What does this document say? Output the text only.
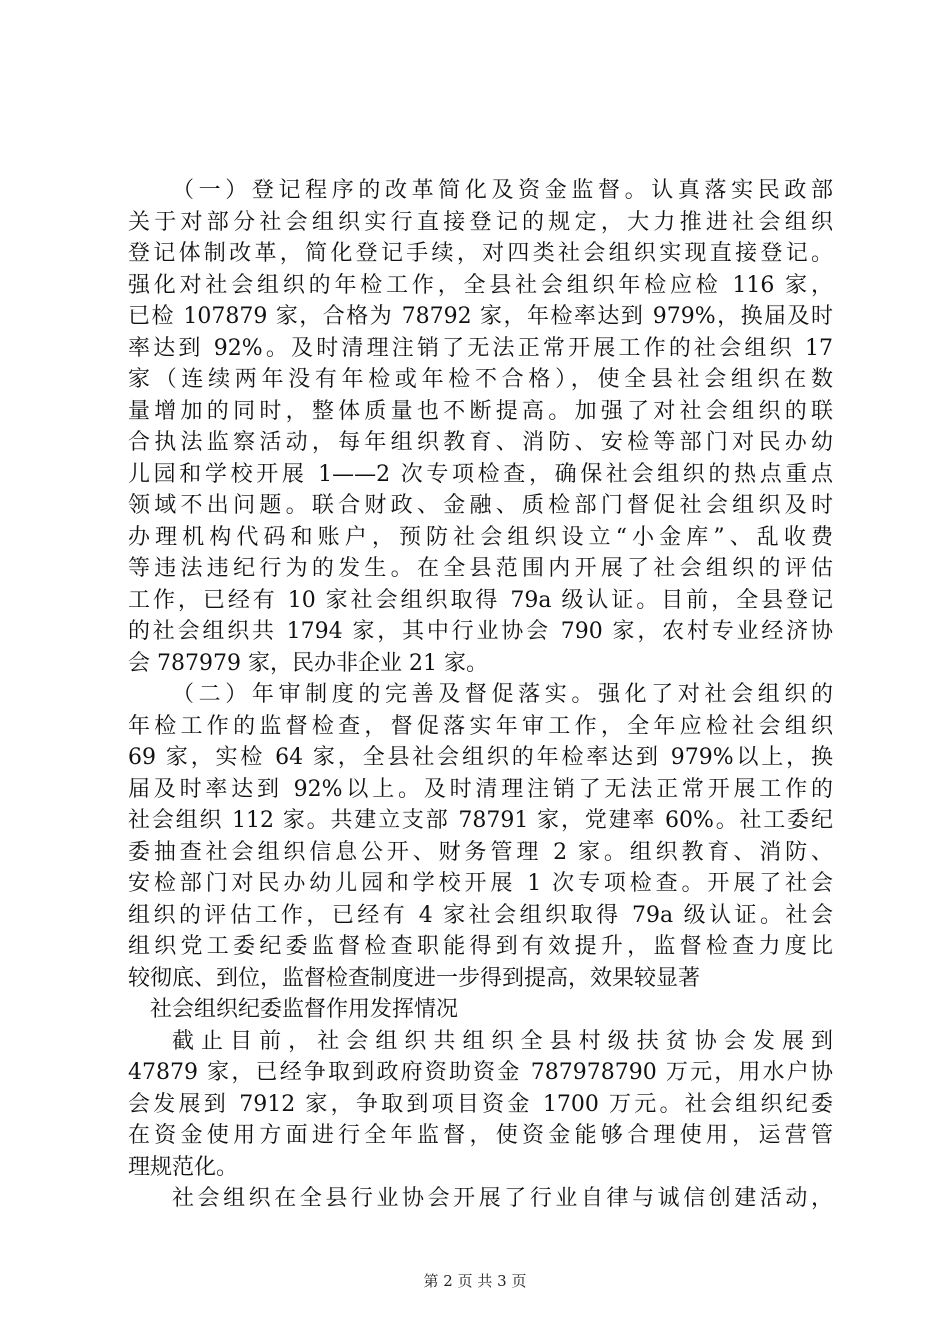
（一）登记程序的改革简化及资金监督。认真落实民政部
关于对部分社会组织实行直接登记的规定，大力推进社会组织
登记体制改革，简化登记手续，对四类社会组织实现直接登记。
强化对社会组织的年检工作，全县社会组织年检应检 116 家，
已检 107879 家，合格为 78792 家，年检率达到 979%，换届及时
率达到 92%。及时清理注销了无法正常开展工作的社会组织 17
家（连续两年没有年检或年检不合格），使全县社会组织在数
量增加的同时，整体质量也不断提高。加强了对社会组织的联
合执法监察活动，每年组织教育、消防、安检等部门对民办幼
儿园和学校开展 1——2 次专项检查，确保社会组织的热点重点
领域不出问题。联合财政、金融、质检部门督促社会组织及时
办理机构代码和账户，预防社会组织设立“小金库”、乱收费
等违法违纪行为的发生。在全县范围内开展了社会组织的评估
工作，已经有 10 家社会组织取得 79a 级认证。目前，全县登记
的社会组织共 1794 家，其中行业协会 790 家，农村专业经济协
会 787979 家，民办非企业 21 家。
（二）年审制度的完善及督促落实。强化了对社会组织的
年检工作的监督检查，督促落实年审工作，全年应检社会组织
69 家，实检 64 家，全县社会组织的年检率达到 979%以上，换
届及时率达到 92%以上。及时清理注销了无法正常开展工作的
社会组织 112 家。共建立支部 78791 家，党建率 60%。社工委纪
委抽查社会组织信息公开、财务管理 2 家。组织教育、消防、
安检部门对民办幼儿园和学校开展 1 次专项检查。开展了社会
组织的评估工作，已经有 4 家社会组织取得 79a 级认证。社会
组织党工委纪委监督检查职能得到有效提升，监督检查力度比
较彻底、到位，监督检查制度进一步得到提高，效果较显著
社会组织纪委监督作用发挥情况
截止目前，社会组织共组织全县村级扶贫协会发展到
47879 家，已经争取到政府资助资金 787978790 万元，用水户协
会发展到 7912 家，争取到项目资金 1700 万元。社会组织纪委
在资金使用方面进行全年监督，使资金能够合理使用，运营管
理规范化。
社会组织在全县行业协会开展了行业自律与诚信创建活动，
第 2 页 共 3 页
